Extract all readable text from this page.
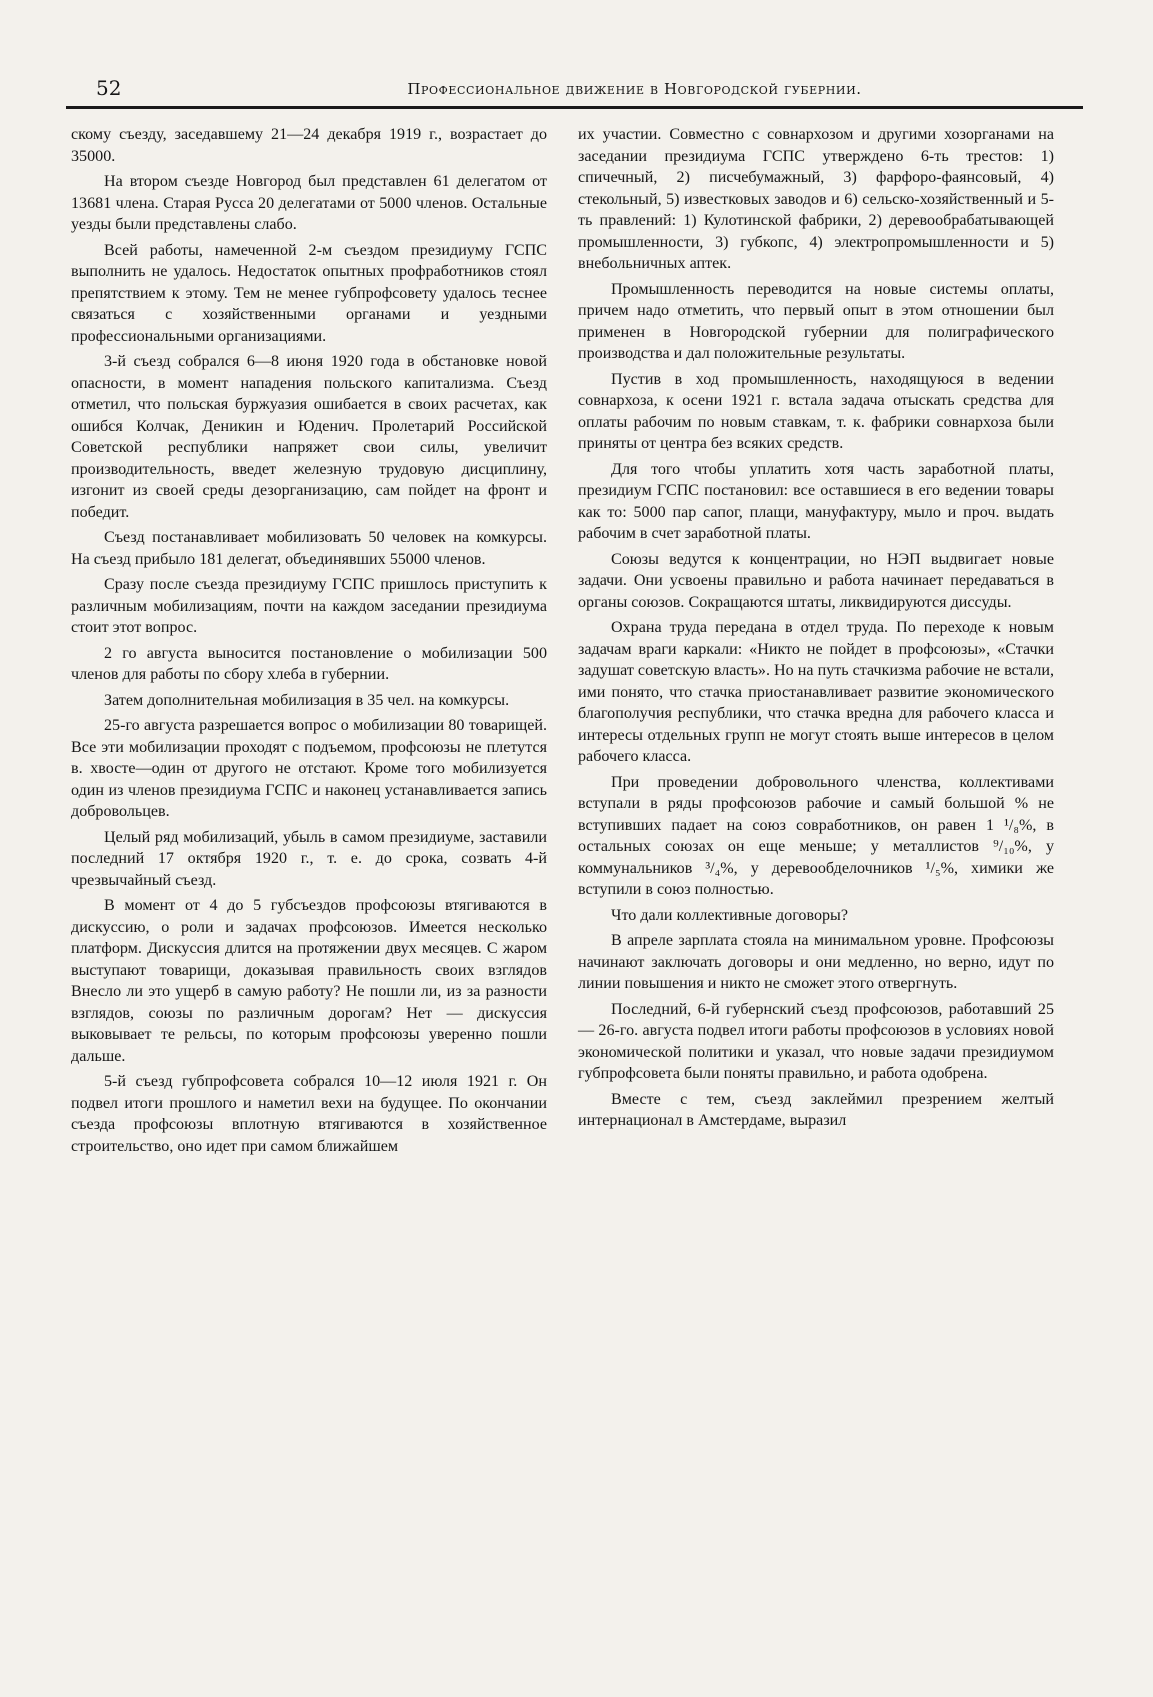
52	Профессиональное движение в Новгородской губернии.

скому съезду, заседавшему 21—24 декабря 1919 г., возрастает до 35000.

На втором съезде Новгород был представлен 61 делегатом от 13681 члена. Старая Русса 20 делегатами от 5000 членов. Остальные уезды были представлены слабо.

Всей работы, намеченной 2-м съездом президиуму ГСПС выполнить не удалось. Недостаток опытных профработников стоял препятствием к этому. Тем не менее губпрофсовету удалось теснее связаться с хозяйственными органами и уездными профессиональными организациями.

3-й съезд собрался 6—8 июня 1920 года в обстановке новой опасности, в момент нападения польского капитализма. Съезд отметил, что польская буржуазия ошибается в своих расчетах, как ошибся Колчак, Деникин и Юденич. Пролетарий Российской Советской республики напряжет свои силы, увеличит производительность, введет железную трудовую дисциплину, изгонит из своей среды дезорганизацию, сам пойдет на фронт и победит.

Съезд постанавливает мобилизовать 50 человек на комкурсы. На съезд прибыло 181 делегат, объединявших 55000 членов.

Сразу после съезда президиуму ГСПС пришлось приступить к различным мобилизациям, почти на каждом заседании президиума стоит этот вопрос.

2 го августа выносится постановление о мобилизации 500 членов для работы по сбору хлеба в губернии.

Затем дополнительная мобилизация в 35 чел. на комкурсы.

25-го августа разрешается вопрос о мобилизации 80 товарищей. Все эти мобилизации проходят с подъемом, профсоюзы не плетутся в. хвосте—один от другого не отстают. Кроме того мобилизуется один из членов президиума ГСПС и наконец устанавливается запись добровольцев.

Целый ряд мобилизаций, убыль в самом президиуме, заставили последний 17 октября 1920 г., т. е. до срока, созвать 4-й чрезвычайный съезд.

В момент от 4 до 5 губсъездов профсоюзы втягиваются в дискуссию, о роли и задачах профсоюзов. Имеется несколько платформ. Дискуссия длится на протяжении двух месяцев. С жаром выступают товарищи, доказывая правильность своих взглядов Внесло ли это ущерб в самую работу? Не пошли ли, из за разности взглядов, союзы по различным дорогам? Нет — дискуссия выковывает те рельсы, по которым профсоюзы уверенно пошли дальше.

5-й съезд губпрофсовета собрался 10—12 июля 1921 г. Он подвел итоги прошлого и наметил вехи на будущее. По окончании съезда профсоюзы вплотную втягиваются в хозяйственное строительство, оно идет при самом ближайшем

их участии. Совместно с совнархозом и другими хозорганами на заседании президиума ГСПС утверждено 6-ть трестов: 1) спичечный, 2) писчебумажный, 3) фарфоро-фаянсовый, 4) стекольный, 5) известковых заводов и 6) сельско-хозяйственный и 5-ть правлений: 1) Кулотинской фабрики, 2) деревообрабатывающей промышленности, 3) губкопс, 4) электропромышленности и 5) внебольничных аптек.

Промышленность переводится на новые системы оплаты, причем надо отметить, что первый опыт в этом отношении был применен в Новгородской губернии для полиграфического производства и дал положительные результаты.

Пустив в ход промышленность, находящуюся в ведении совнархоза, к осени 1921 г. встала задача отыскать средства для оплаты рабочим по новым ставкам, т. к. фабрики совнархоза были приняты от центра без всяких средств.

Для того чтобы уплатить хотя часть заработной платы, президиум ГСПС постановил: все оставшиеся в его ведении товары как то: 5000 пар сапог, плащи, мануфактуру, мыло и проч. выдать рабочим в счет заработной платы.

Союзы ведутся к концентрации, но НЭП выдвигает новые задачи. Они усвоены правильно и работа начинает передаваться в органы союзов. Сокращаются штаты, ликвидируются диссуды.

Охрана труда передана в отдел труда. По переходе к новым задачам враги каркали: «Никто не пойдет в профсоюзы», «Стачки задушат советскую власть». Но на путь стачкизма рабочие не встали, ими понято, что стачка приостанавливает развитие экономического благополучия республики, что стачка вредна для рабочего класса и интересы отдельных групп не могут стоять выше интересов в целом рабочего класса.

При проведении добровольного членства, коллективами вступали в ряды профсоюзов рабочие и самый большой % не вступивших падает на союз совработников, он равен 1 ¹/₈%, в остальных союзах он еще меньше; у металлистов ⁹/₁₀%, у коммунальников ³/₄%, у деревообделочников ¹/₅%, химики же вступили в союз полностью.

Что дали коллективные договоры?

В апреле зарплата стояла на минимальном уровне. Профсоюзы начинают заключать договоры и они медленно, но верно, идут по линии повышения и никто не сможет этого отвергнуть.

Последний, 6-й губернский съезд профсоюзов, работавший 25 — 26-го. августа подвел итоги работы профсоюзов в условиях новой экономической политики и указал, что новые задачи президиумом губпрофсовета были поняты правильно, и работа одобрена.

Вместе с тем, съезд заклеймил презрением желтый интернационал в Амстердаме, выразил
